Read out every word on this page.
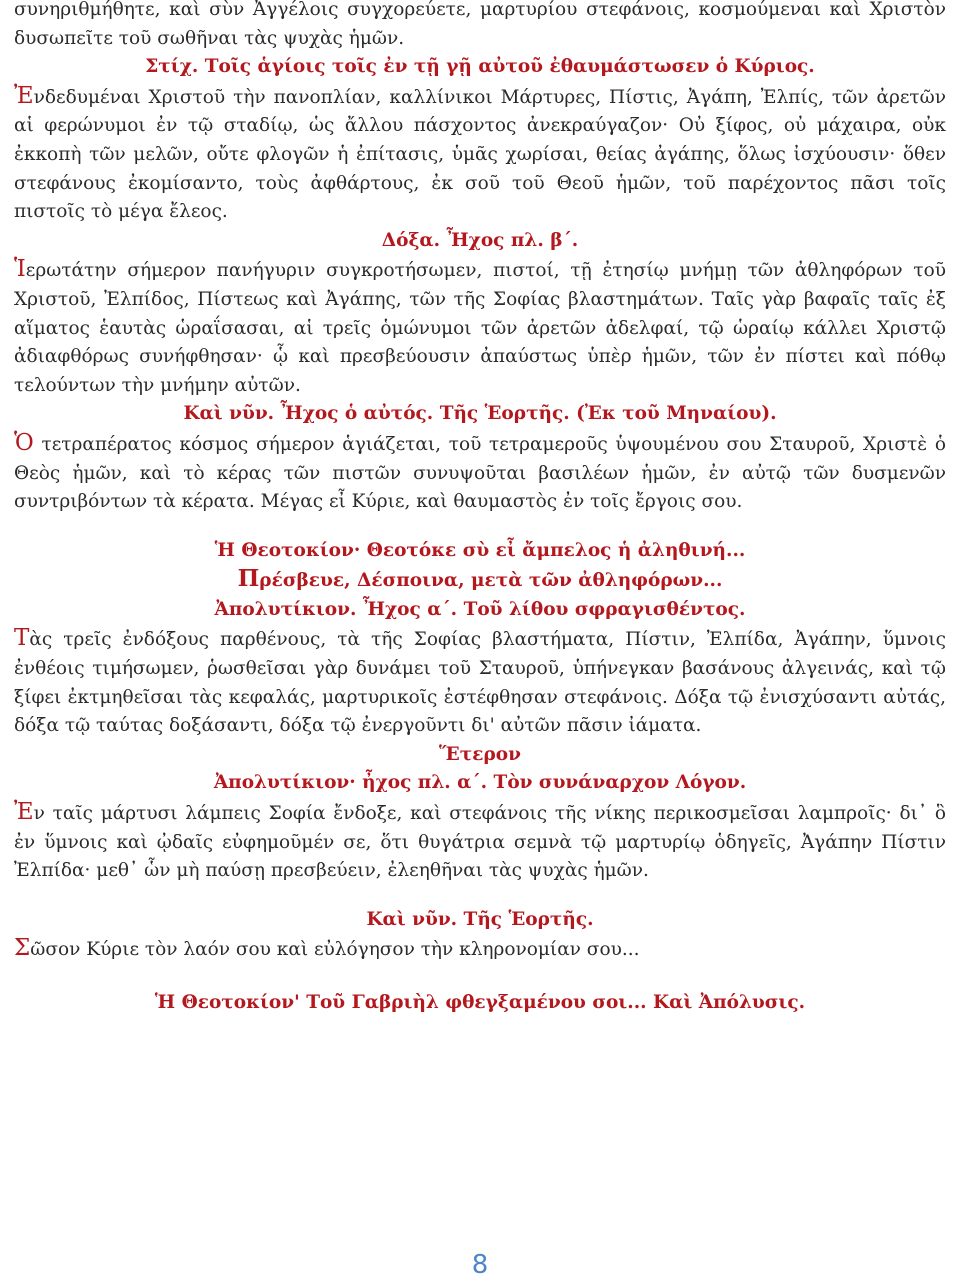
συνηριθμήθητε, καὶ σὺν Ἀγγέλοις συγχορεύετε, μαρτυρίου στεφάνοις, κοσμούμεναι καὶ Χριστὸν δυσωπεῖτε τοῦ σωθῆναι τὰς ψυχὰς ἡμῶν.

Στίχ. Τοῖς ἁγίοις τοῖς ἐν τῇ γῇ αὐτοῦ ἐθαυμάστωσεν ὁ Κύριος.

Ἐνδεδυμέναι Χριστοῦ τὴν πανοπλίαν, καλλίνικοι Μάρτυρες, Πίστις, Ἀγάπη, Ἐλπίς, τῶν ἀρετῶν αἱ φερώνυμοι ἐν τῷ σταδίῳ, ὡς ἄλλου πάσχοντος ἀνεκραύγαζον· Οὐ ξίφος, οὐ μάχαιρα, οὐκ ἐκκοπὴ τῶν μελῶν, οὔτε φλογῶν ἡ ἐπίτασις, ὑμᾶς χωρίσαι, θείας ἀγάπης, ὅλως ἰσχύουσιν· ὅθεν στεφάνους ἐκομίσαντο, τοὺς ἀφθάρτους, ἐκ σοῦ τοῦ Θεοῦ ἡμῶν, τοῦ παρέχοντος πᾶσι τοῖς πιστοῖς τὸ μέγα ἔλεος.

Δόξα. Ἦχος πλ. β΄.

Ἱερωτάτην σήμερον πανήγυριν συγκροτήσωμεν, πιστοί, τῇ ἐτησίῳ μνήμῃ τῶν ἀθληφόρων τοῦ Χριστοῦ, Ἐλπίδος, Πίστεως καὶ Ἀγάπης, τῶν τῆς Σοφίας βλαστημάτων. Ταῖς γὰρ βαφαῖς ταῖς ἐξ αἵματος ἑαυτὰς ὡραΐσασαι, αἱ τρεῖς ὁμώνυμοι τῶν ἀρετῶν ἀδελφαί, τῷ ὡραίῳ κάλλει Χριστῷ ἀδιαφθόρως συνήφθησαν· ᾧ καὶ πρεσβεύουσιν ἀπαύστως ὑπὲρ ἡμῶν, τῶν ἐν πίστει καὶ πόθῳ τελούντων τὴν μνήμην αὐτῶν.

Καὶ νῦν. Ἦχος ὁ αὐτός. Τῆς Ἑορτῆς. (Ἐκ τοῦ Μηναίου).

Ὁ τετραπέρατος κόσμος σήμερον ἁγιάζεται, τοῦ τετραμεροῦς ὑψουμένου σου Σταυροῦ, Χριστὲ ὁ Θεὸς ἡμῶν, καὶ τὸ κέρας τῶν πιστῶν συνυψοῦται βασιλέων ἡμῶν, ἐν αὐτῷ τῶν δυσμενῶν συντριβόντων τὰ κέρατα. Μέγας εἶ Κύριε, καὶ θαυμαστὸς ἐν τοῖς ἔργοις σου.

Ἡ Θεοτοκίον· Θεοτόκε σὺ εἶ ἄμπελος ἡ ἀληθινή...

Πρέσβευε, Δέσποινα, μετὰ τῶν ἀθληφόρων...

Ἀπολυτίκιον. Ἦχος α΄. Τοῦ λίθου σφραγισθέντος.

Τὰς τρεῖς ἐνδόξους παρθένους, τὰ τῆς Σοφίας βλαστήματα, Πίστιν, Ἐλπίδα, Ἀγάπην, ὕμνοις ἐνθέοις τιμήσωμεν, ῥωσθεῖσαι γὰρ δυνάμει τοῦ Σταυροῦ, ὑπήνεγκαν βασάνους ἀλγεινάς, καὶ τῷ ξίφει ἐκτμηθεῖσαι τὰς κεφαλάς, μαρτυρικοῖς ἐστέφθησαν στεφάνοις. Δόξα τῷ ἐνισχύσαντι αὐτάς, δόξα τῷ ταύτας δοξάσαντι, δόξα τῷ ἐνεργοῦντι δι' αὐτῶν πᾶσιν ἰάματα.

Ἕτερον

Ἀπολυτίκιον· ἦχος πλ. α΄. Τὸν συνάναρχον Λόγον.

Ἐν ταῖς μάρτυσι λάμπεις Σοφία ἔνδοξε, καὶ στεφάνοις τῆς νίκης περικοσμεῖσαι λαμπροῖς· δι᾽ ὃ ἐν ὕμνοις καὶ ᾠδαῖς εὐφημοῦμέν σε, ὅτι θυγάτρια σεμνὰ τῷ μαρτυρίῳ ὁδηγεῖς, Ἀγάπην Πίστιν Ἐλπίδα· μεθ᾽ ὧν μὴ παύσῃ πρεσβεύειν, ἐλεηθῆναι τὰς ψυχὰς ἡμῶν.

Καὶ νῦν. Τῆς Ἑορτῆς.

Σῶσον Κύριε τὸν λαόν σου καὶ εὐλόγησον τὴν κληρονομίαν σου...

Ἡ Θεοτοκίον' Τοῦ Γαβριὴλ φθεγξαμένου σοι... Καὶ Ἀπόλυσις.

8
